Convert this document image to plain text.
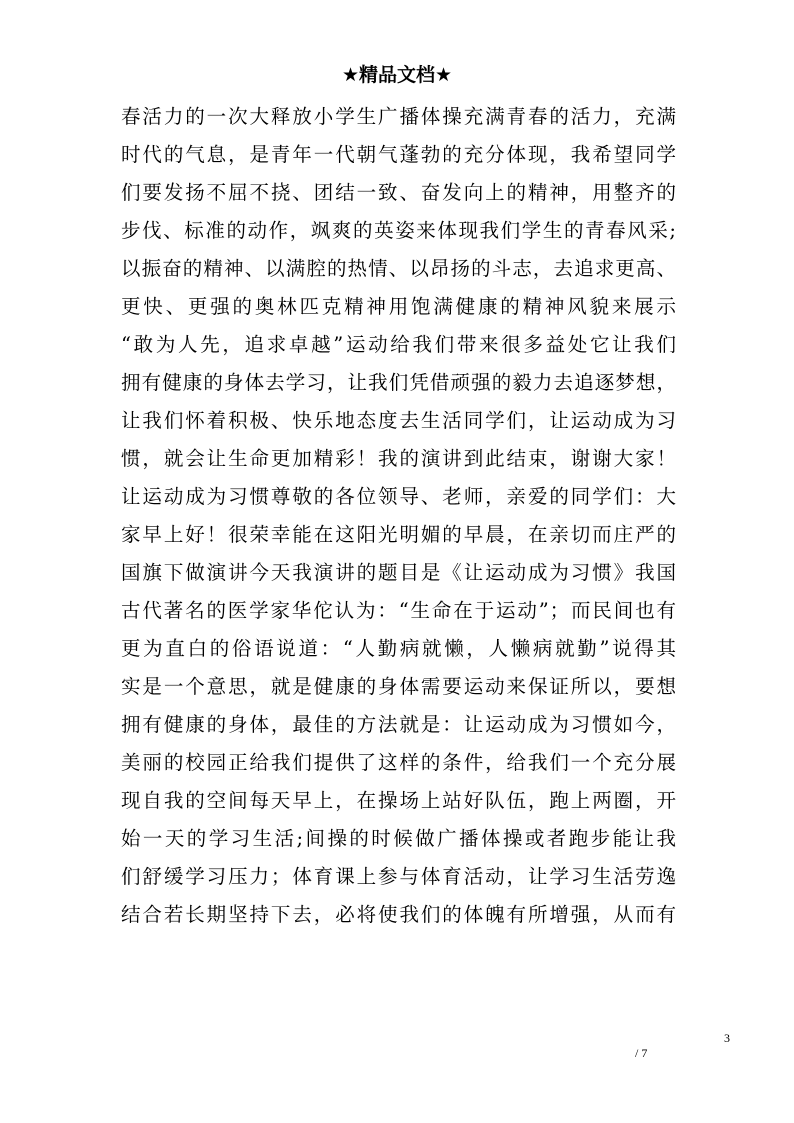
★精品文档★
春活力的一次大释放小学生广播体操充满青春的活力，充满
时代的气息，是青年一代朝气蓬勃的充分体现，我希望同学
们要发扬不屈不挠、团结一致、奋发向上的精神，用整齐的
步伐、标准的动作，飒爽的英姿来体现我们学生的青春风采;
以振奋的精神、以满腔的热情、以昂扬的斗志，去追求更高、
更快、更强的奥林匹克精神用饱满健康的精神风貌来展示
“敢为人先，追求卓越”运动给我们带来很多益处它让我们
拥有健康的身体去学习，让我们凭借顽强的毅力去追逐梦想，
让我们怀着积极、快乐地态度去生活同学们，让运动成为习
惯，就会让生命更加精彩！我的演讲到此结束，谢谢大家！
让运动成为习惯尊敬的各位领导、老师，亲爱的同学们：大
家早上好！很荣幸能在这阳光明媚的早晨，在亲切而庄严的
国旗下做演讲今天我演讲的题目是《让运动成为习惯》我国
古代著名的医学家华佗认为：“生命在于运动”；而民间也有
更为直白的俗语说道：“人勤病就懒，人懒病就勤”说得其
实是一个意思，就是健康的身体需要运动来保证所以，要想
拥有健康的身体，最佳的方法就是：让运动成为习惯如今，
美丽的校园正给我们提供了这样的条件，给我们一个充分展
现自我的空间每天早上，在操场上站好队伍，跑上两圈，开
始一天的学习生活;间操的时候做广播体操或者跑步能让我
们舒缓学习压力；体育课上参与体育活动，让学习生活劳逸
结合若长期坚持下去，必将使我们的体魄有所增强，从而有
3
/ 7
